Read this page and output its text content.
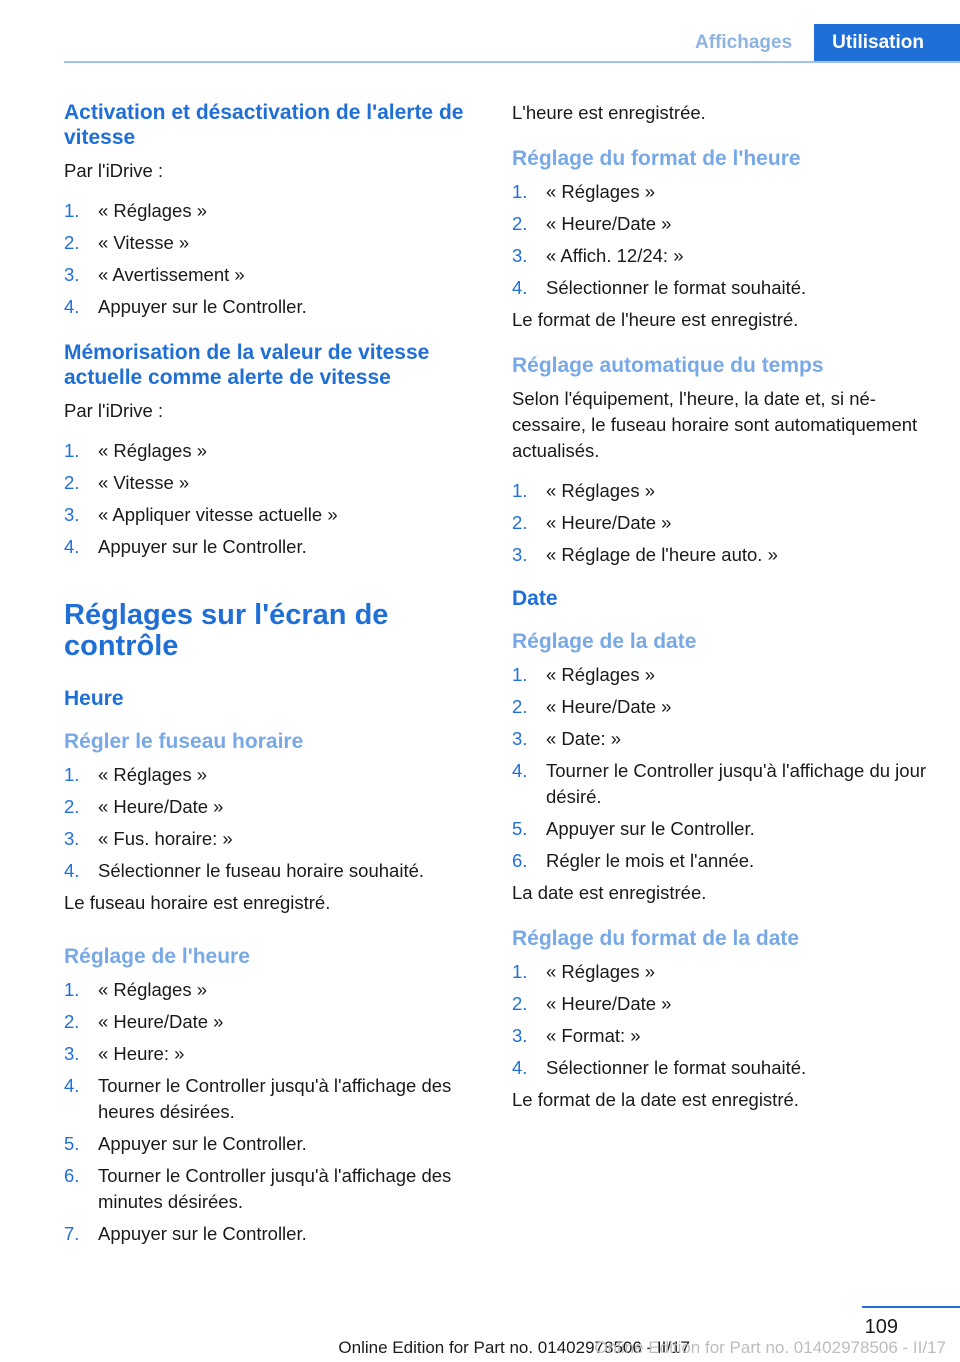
Affichages	Utilisation
Activation et désactivation de l'alerte de vitesse

Par l'iDrive :

1.	« Réglages »
2.	« Vitesse »
3.	« Avertissement »
4.	Appuyer sur le Controller.
Mémorisation de la valeur de vitesse actuelle comme alerte de vitesse

Par l'iDrive :

1.	« Réglages »
2.	« Vitesse »
3.	« Appliquer vitesse actuelle »
4.	Appuyer sur le Controller.
Réglages sur l'écran de contrôle
Heure
Régler le fuseau horaire
1.	« Réglages »
2.	« Heure/Date »
3.	« Fus. horaire: »
4.	Sélectionner le fuseau horaire souhaité.

Le fuseau horaire est enregistré.

Réglage de l'heure
1.	« Réglages »
2.	« Heure/Date »
3.	« Heure: »
4.	Tourner le Controller jusqu'à l'affichage des heures désirées.
5.	Appuyer sur le Controller.
6.	Tourner le Controller jusqu'à l'affichage des minutes désirées.
7.	Appuyer sur le Controller.

L'heure est enregistrée.

Réglage du format de l'heure
1.	« Réglages »
2.	« Heure/Date »
3.	« Affich. 12/24: »
4.	Sélectionner le format souhaité.

Le format de l'heure est enregistré.

Réglage automatique du temps

Selon l'équipement, l'heure, la date et, si nécessaire, le fuseau horaire sont automatiquement actualisés.

1.	« Réglages »
2.	« Heure/Date »
3.	« Réglage de l'heure auto. »
Date
Réglage de la date
1.	« Réglages »
2.	« Heure/Date »
3.	« Date: »
4.	Tourner le Controller jusqu'à l'affichage du jour désiré.
5.	Appuyer sur le Controller.
6.	Régler le mois et l'année.

La date est enregistrée.

Réglage du format de la date
1.	« Réglages »
2.	« Heure/Date »
3.	« Format: »
4.	Sélectionner le format souhaité.

Le format de la date est enregistré.

109
Online Edition for Part no. 01402978506 - II/17
Online Edition for Part no. 01402978506 - II/17
